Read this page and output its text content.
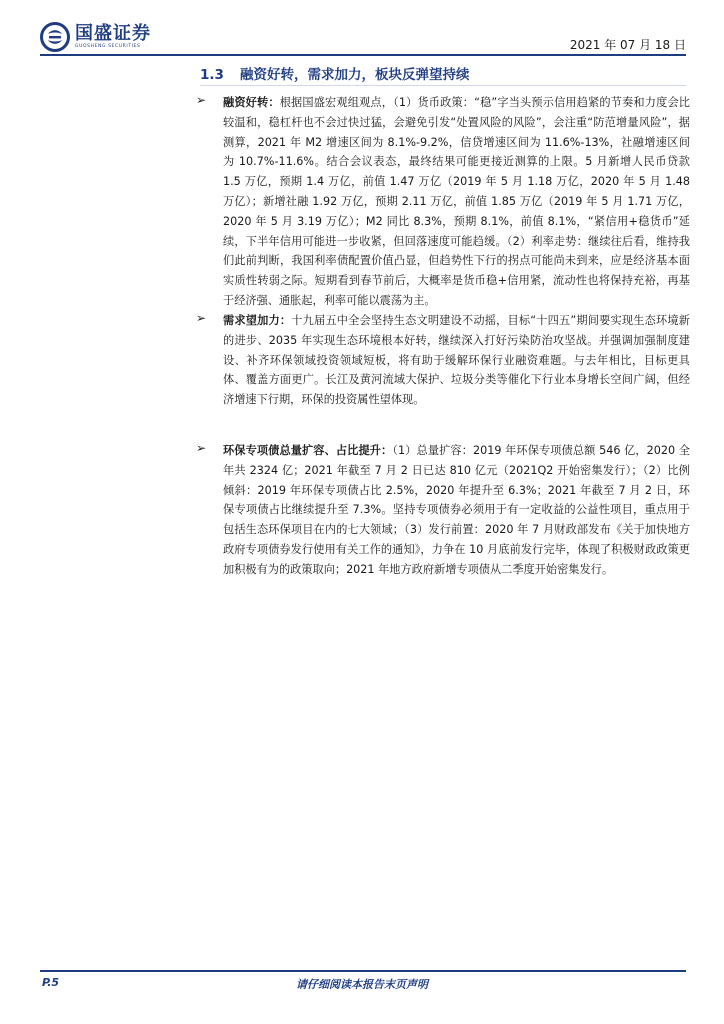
国盛证券
GUOSHENG SECURITIES	2021 年 07 月 18 日
1.3 融资好转，需求加力，板块反弹望持续
➢ 融资好转：根据国盛宏观组观点，（1）货币政策：“稳”字当头预示信用趋紧的节奏和力度会比较温和，稳杠杆也不会过快过猛，会避免引发“处置风险的风险”，会注重“防范增量风险”，据测算，2021 年 M2 增速区间为 8.1%-9.2%，信贷增速区间为 11.6%-13%，社融增速区间为 10.7%-11.6%。结合会议表态，最终结果可能更接近测算的上限。5 月新增人民币贷款 1.5 万亿，预期 1.4 万亿，前值 1.47 万亿（2019 年 5 月 1.18 万亿，2020 年 5 月 1.48 万亿）；新增社融 1.92 万亿，预期 2.11 万亿，前值 1.85 万亿（2019 年 5 月 1.71 万亿，2020 年 5 月 3.19 万亿）；M2 同比 8.3%，预期 8.1%，前值 8.1%，“紧信用+稳货币”延续，下半年信用可能进一步收紧，但回落速度可能趋缓。（2）利率走势：继续往后看，维持我们此前判断，我国利率债配置价值凸显，但趋势性下行的拐点可能尚未到来，应是经济基本面实质性转弱之际。短期看到春节前后，大概率是货币稳+信用紧，流动性也将保持充裕，再基于经济强、通胀起，利率可能以震荡为主。
➢ 需求望加力：十九届五中全会坚持生态文明建设不动摇，目标“十四五”期间要实现生态环境新的进步、2035 年实现生态环境根本好转，继续深入打好污染防治攻坚战。并强调加强制度建设、补齐环保领域投资领域短板，将有助于缓解环保行业融资难题。与去年相比，目标更具体、覆盖方面更广。长江及黄河流域大保护、垃圾分类等催化下行业本身增长空间广阔，但经济增速下行期，环保的投资属性望体现。
➢ 环保专项债总量扩容、占比提升：（1）总量扩容：2019 年环保专项债总额 546 亿，2020 全年共 2324 亿；2021 年截至 7 月 2 日已达 810 亿元（2021Q2 开始密集发行）；（2）比例倾斜：2019 年环保专项债占比 2.5%，2020 年提升至 6.3%；2021 年截至 7 月 2 日，环保专项债占比继续提升至 7.3%。坚持专项债券必须用于有一定收益的公益性项目，重点用于包括生态环保项目在内的七大领域；（3）发行前置：2020 年 7 月财政部发布《关于加快地方政府专项债券发行使用有关工作的通知》，力争在 10 月底前发行完毕，体现了积极财政政策更加积极有为的政策取向；2021 年地方政府新增专项债从二季度开始密集发行。
P.5	请仔细阅读本报告末页声明
